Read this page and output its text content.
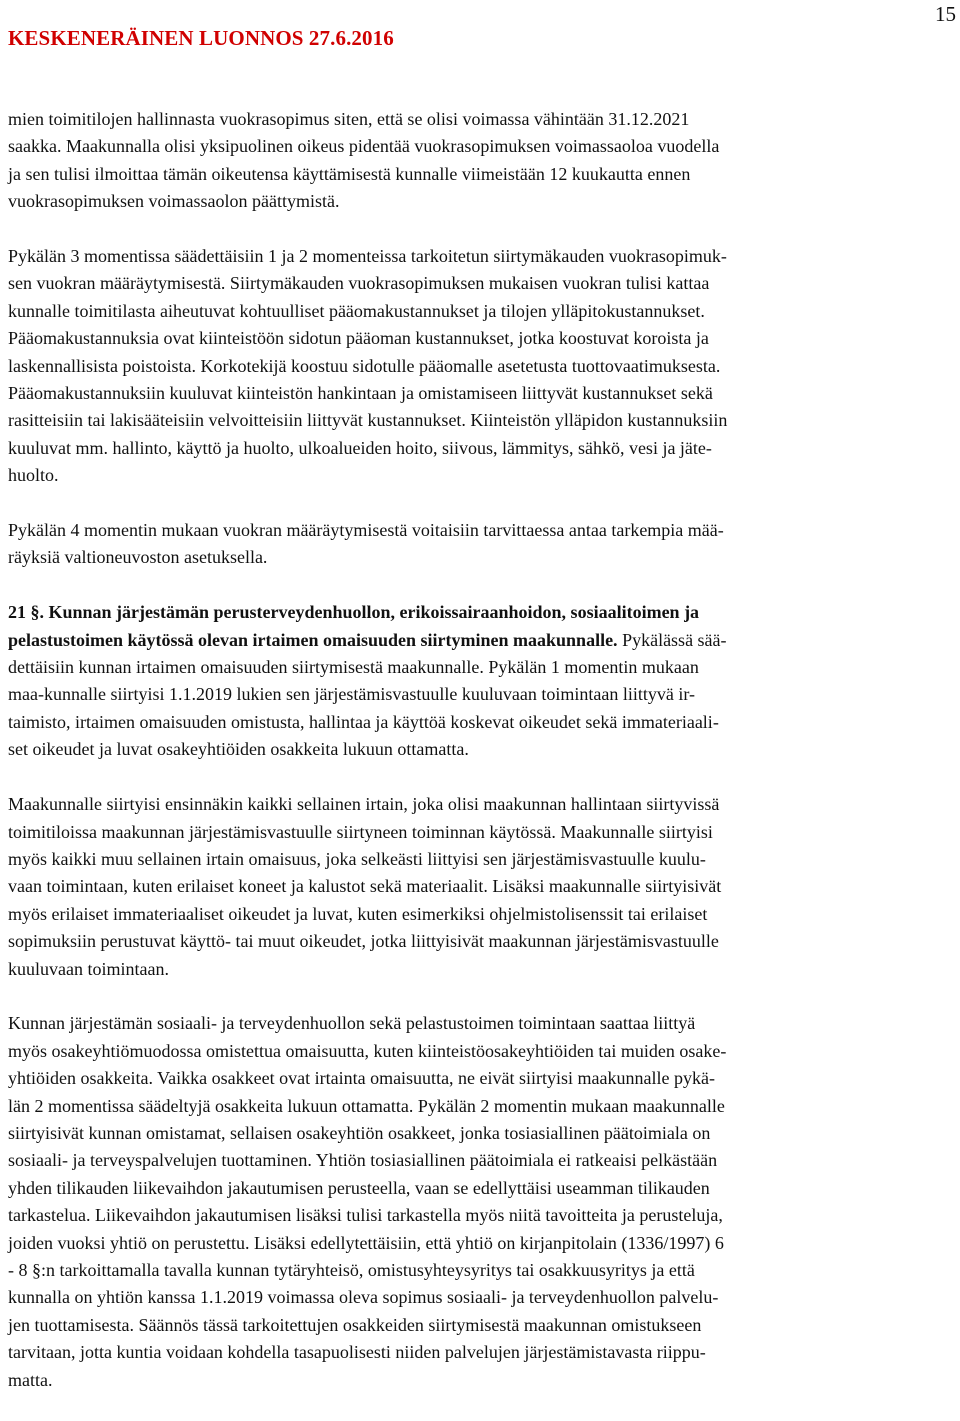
KESKENERÄINEN LUONNOS 27.6.2016
15
mien toimitilojen hallinnasta vuokrasopimus siten, että se olisi voimassa vähintään 31.12.2021
saakka. Maakunnalla olisi yksipuolinen oikeus pidentää vuokrasopimuksen voimassaoloa vuodella
ja sen tulisi ilmoittaa tämän oikeutensa käyttämisestä kunnalle viimeistään 12 kuukautta ennen
vuokrasopimuksen voimassaolon päättymistä.
Pykälän 3 momentissa säädettäisiin 1 ja 2 momenteissa tarkoitetun siirtymäkauden vuokrasopimuk-
sen vuokran määräytymisestä. Siirtymäkauden vuokrasopimuksen mukaisen vuokran tulisi kattaa
kunnalle toimitilasta aiheutuvat kohtuulliset pääomakustannukset ja tilojen ylläpitokustannukset.
Pääomakustannuksia ovat kiinteistöön sidotun pääoman kustannukset, jotka koostuvat koroista ja
laskennallisista poistoista. Korkotekijä koostuu sidotulle pääomalle asetetusta tuottovaatimuksesta.
Pääomakustannuksiin kuuluvat kiinteistön hankintaan ja omistamiseen liittyvät kustannukset sekä
rasitteisiin tai lakisääteisiin velvoitteisiin liittyvät kustannukset. Kiinteistön ylläpidon kustannuksiin
kuuluvat mm. hallinto, käyttö ja huolto, ulkoalueiden hoito, siivous, lämmitys, sähkö, vesi ja jäte-
huolto.
Pykälän 4 momentin mukaan vuokran määräytymisestä voitaisiin tarvittaessa antaa tarkempia mää-
räyksiä valtioneuvoston asetuksella.
21 §. Kunnan järjestämän perusterveydenhuollon, erikoissairaanhoidon, sosiaalitoimen ja
pelastustoimen käytössä olevan irtaimen omaisuuden siirtyminen maakunnalle. Pykälässä sää-
dettäisiin kunnan irtaimen omaisuuden siirtymisestä maakunnalle. Pykälän 1 momentin mukaan
maa-kunnalle siirtyisi 1.1.2019 lukien sen järjestämisvastuulle kuuluvaan toimintaan liittyvä ir-
taimisto, irtaimen omaisuuden omistusta, hallintaa ja käyttöä koskevat oikeudet sekä immateriaali-
set oikeudet ja luvat osakeyhtiöiden osakkeita lukuun ottamatta.
Maakunnalle siirtyisi ensinnäkin kaikki sellainen irtain, joka olisi maakunnan hallintaan siirtyvissä
toimitiloissa maakunnan järjestämisvastuulle siirtyneen toiminnan käytössä. Maakunnalle siirtyisi
myös kaikki muu sellainen irtain omaisuus, joka selkeästi liittyisi sen järjestämisvastuulle kuulu-
vaan toimintaan, kuten erilaiset koneet ja kalustot sekä materiaalit. Lisäksi maakunnalle siirtyisivät
myös erilaiset immateriaaliset oikeudet ja luvat, kuten esimerkiksi ohjelmistolisenssit tai erilaiset
sopimuksiin perustuvat käyttö- tai muut oikeudet, jotka liittyisivät maakunnan järjestämisvastuulle
kuuluvaan toimintaan.
Kunnan järjestämän sosiaali- ja terveydenhuollon sekä pelastustoimen toimintaan saattaa liittyä
myös osakeyhtiömuodossa omistettua omaisuutta, kuten kiinteistöosakeyhtiöiden tai muiden osake-
yhtiöiden osakkeita. Vaikka osakkeet ovat irtainta omaisuutta, ne eivät siirtyisi maakunnalle pykä-
län 2 momentissa säädeltyjä osakkeita lukuun ottamatta. Pykälän 2 momentin mukaan maakunnalle
siirtyisivät kunnan omistamat, sellaisen osakeyhtiön osakkeet, jonka tosiasiallinen päätoimiala on
sosiaali- ja terveyspalvelujen tuottaminen. Yhtiön tosiasiallinen päätoimiala ei ratkeaisi pelkästään
yhden tilikauden liikevaihdon jakautumisen perusteella, vaan se edellyttäisi useamman tilikauden
tarkastelua. Liikevaihdon jakautumisen lisäksi tulisi tarkastella myös niitä tavoitteita ja perusteluja,
joiden vuoksi yhtiö on perustettu. Lisäksi edellytettäisiin, että yhtiö on kirjanpitolain (1336/1997) 6
- 8 §:n tarkoittamalla tavalla kunnan tytäryhteisö, omistusyhteysyritys tai osakkuusyritys ja että
kunnalla on yhtiön kanssa 1.1.2019 voimassa oleva sopimus sosiaali- ja terveydenhuollon palvelu-
jen tuottamisesta. Säännös tässä tarkoitettujen osakkeiden siirtymisestä maakunnan omistukseen
tarvitaan, jotta kuntia voidaan kohdella tasapuolisesti niiden palvelujen järjestämistavasta riippu-
matta.
